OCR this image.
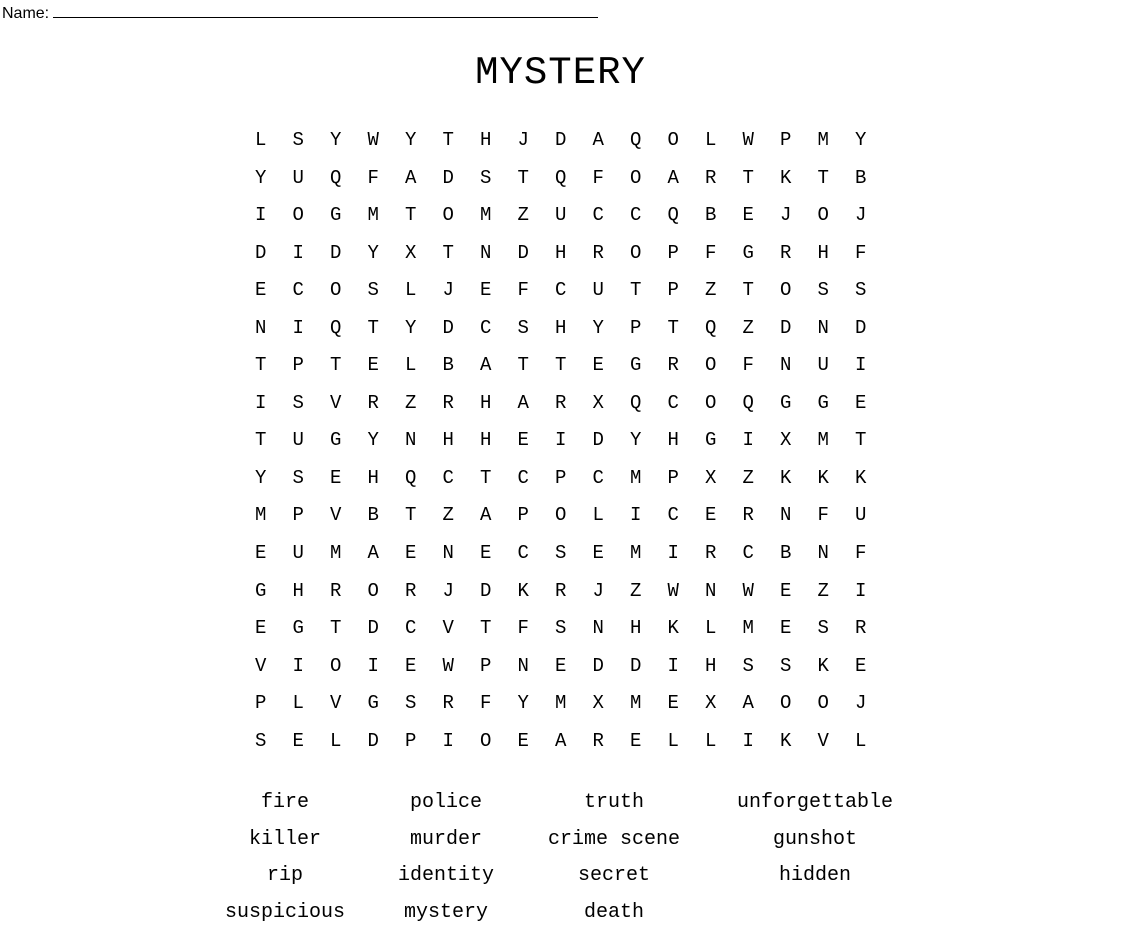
Name:
MYSTERY
L	S	Y	W	Y	T	H	J	D	A	Q	O	L	W	P	M	Y
Y	U	Q	F	A	D	S	T	Q	F	O	A	R	T	K	T	B
I	O	G	M	T	O	M	Z	U	C	C	Q	B	E	J	O	J
D	I	D	Y	X	T	N	D	H	R	O	P	F	G	R	H	F
E	C	O	S	L	J	E	F	C	U	T	P	Z	T	O	S	S
N	I	Q	T	Y	D	C	S	H	Y	P	T	Q	Z	D	N	D
T	P	T	E	L	B	A	T	T	E	G	R	O	F	N	U	I
I	S	V	R	Z	R	H	A	R	X	Q	C	O	Q	G	G	E
T	U	G	Y	N	H	H	E	I	D	Y	H	G	I	X	M	T
Y	S	E	H	Q	C	T	C	P	C	M	P	X	Z	K	K	K
M	P	V	B	T	Z	A	P	O	L	I	C	E	R	N	F	U
E	U	M	A	E	N	E	C	S	E	M	I	R	C	B	N	F
G	H	R	O	R	J	D	K	R	J	Z	W	N	W	E	Z	I
E	G	T	D	C	V	T	F	S	N	H	K	L	M	E	S	R
V	I	O	I	E	W	P	N	E	D	D	I	H	S	S	K	E
P	L	V	G	S	R	F	Y	M	X	M	E	X	A	O	O	J
S	E	L	D	P	I	O	E	A	R	E	L	L	I	K	V	L
fire	police	truth	unforgettable
killer	murder	crime scene	gunshot
rip	identity	secret	hidden
suspicious	mystery	death
